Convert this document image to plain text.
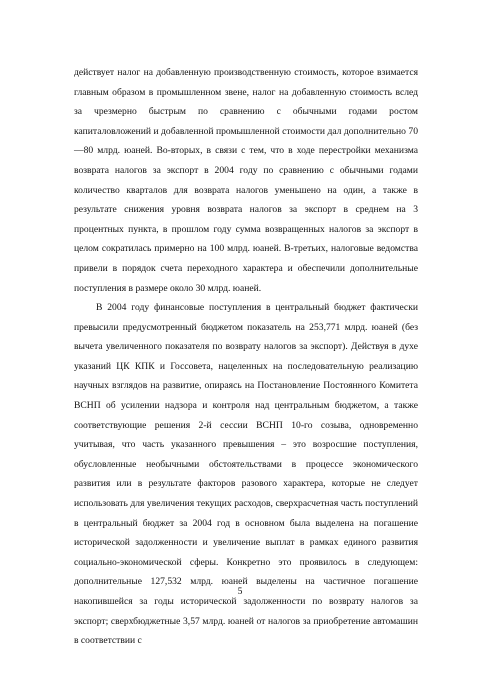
действует налог на добавленную производственную стоимость, которое взимается главным образом в промышленном звене, налог на добавленную стоимость вслед за чрезмерно быстрым по сравнению с обычными годами ростом капиталовложений и добавленной промышленной стоимости дал дополнительно 70—80 млрд. юаней. Во-вторых, в связи с тем, что в ходе перестройки механизма возврата налогов за экспорт в 2004 году по сравнению с обычными годами количество кварталов для возврата налогов уменьшено на один, а также в результате снижения уровня возврата налогов за экспорт в среднем на 3 процентных пункта, в прошлом году сумма возвращенных налогов за экспорт в целом сократилась примерно на 100 млрд. юаней. В-третьих, налоговые ведомства привели в порядок счета переходного характера и обеспечили дополнительные поступления в размере около 30 млрд. юаней.

В 2004 году финансовые поступления в центральный бюджет фактически превысили предусмотренный бюджетом показатель на 253,771 млрд. юаней (без вычета увеличенного показателя по возврату налогов за экспорт). Действуя в духе указаний ЦК КПК и Госсовета, нацеленных на последовательную реализацию научных взглядов на развитие, опираясь на Постановление Постоянного Комитета ВСНП об усилении надзора и контроля над центральным бюджетом, а также соответствующие решения 2-й сессии ВСНП 10-го созыва, одновременно учитывая, что часть указанного превышения – это возросшие поступления, обусловленные необычными обстоятельствами в процессе экономического развития или в результате факторов разового характера, которые не следует использовать для увеличения текущих расходов, сверхрасчетная часть поступлений в центральный бюджет за 2004 год в основном была выделена на погашение исторической задолженности и увеличение выплат в рамках единого развития социально-экономической сферы. Конкретно это проявилось в следующем: дополнительные 127,532 млрд. юаней выделены на частичное погашение накопившейся за годы исторической задолженности по возврату налогов за экспорт; сверхбюджетные 3,57 млрд. юаней от налогов за приобретение автомашин в соответствии с

5
